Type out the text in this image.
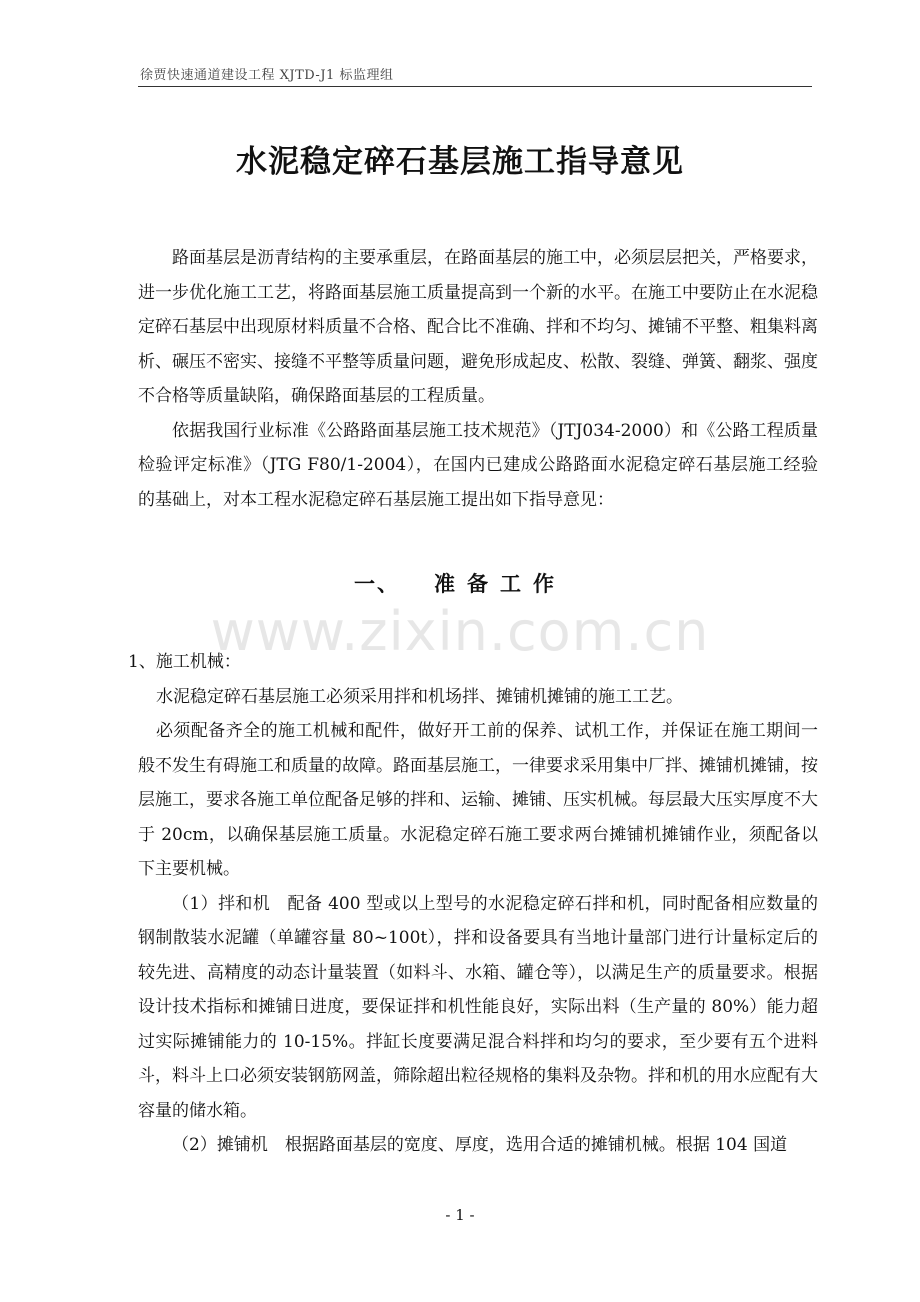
徐贾快速通道建设工程 XJTD-J1 标监理组
水泥稳定碎石基层施工指导意见

路面基层是沥青结构的主要承重层，在路面基层的施工中，必须层层把关，严格要求，进一步优化施工工艺，将路面基层施工质量提高到一个新的水平。在施工中要防止在水泥稳定碎石基层中出现原材料质量不合格、配合比不准确、拌和不均匀、摊铺不平整、粗集料离析、碾压不密实、接缝不平整等质量问题，避免形成起皮、松散、裂缝、弹簧、翻浆、强度不合格等质量缺陷，确保路面基层的工程质量。

依据我国行业标准《公路路面基层施工技术规范》（JTJ034-2000）和《公路工程质量检验评定标准》（JTG F80/1-2004），在国内已建成公路路面水泥稳定碎石基层施工经验的基础上，对本工程水泥稳定碎石基层施工提出如下指导意见：

一、 准备工作
www.zixin.com.cn

1、施工机械：

水泥稳定碎石基层施工必须采用拌和机场拌、摊铺机摊铺的施工工艺。

必须配备齐全的施工机械和配件，做好开工前的保养、试机工作，并保证在施工期间一般不发生有碍施工和质量的故障。路面基层施工，一律要求采用集中厂拌、摊铺机摊铺，按层施工，要求各施工单位配备足够的拌和、运输、摊铺、压实机械。每层最大压实厚度不大于 20cm，以确保基层施工质量。水泥稳定碎石施工要求两台摊铺机摊铺作业，须配备以下主要机械。

（1）拌和机　配备 400 型或以上型号的水泥稳定碎石拌和机，同时配备相应数量的钢制散装水泥罐（单罐容量 80~100t），拌和设备要具有当地计量部门进行计量标定后的较先进、高精度的动态计量装置（如料斗、水箱、罐仓等），以满足生产的质量要求。根据设计技术指标和摊铺日进度，要保证拌和机性能良好，实际出料（生产量的 80%）能力超过实际摊铺能力的 10-15%。拌缸长度要满足混合料拌和均匀的要求，至少要有五个进料斗，料斗上口必须安装钢筋网盖，筛除超出粒径规格的集料及杂物。拌和机的用水应配有大容量的储水箱。

（2）摊铺机　根据路面基层的宽度、厚度，选用合适的摊铺机械。根据 104 国道

- 1 -
